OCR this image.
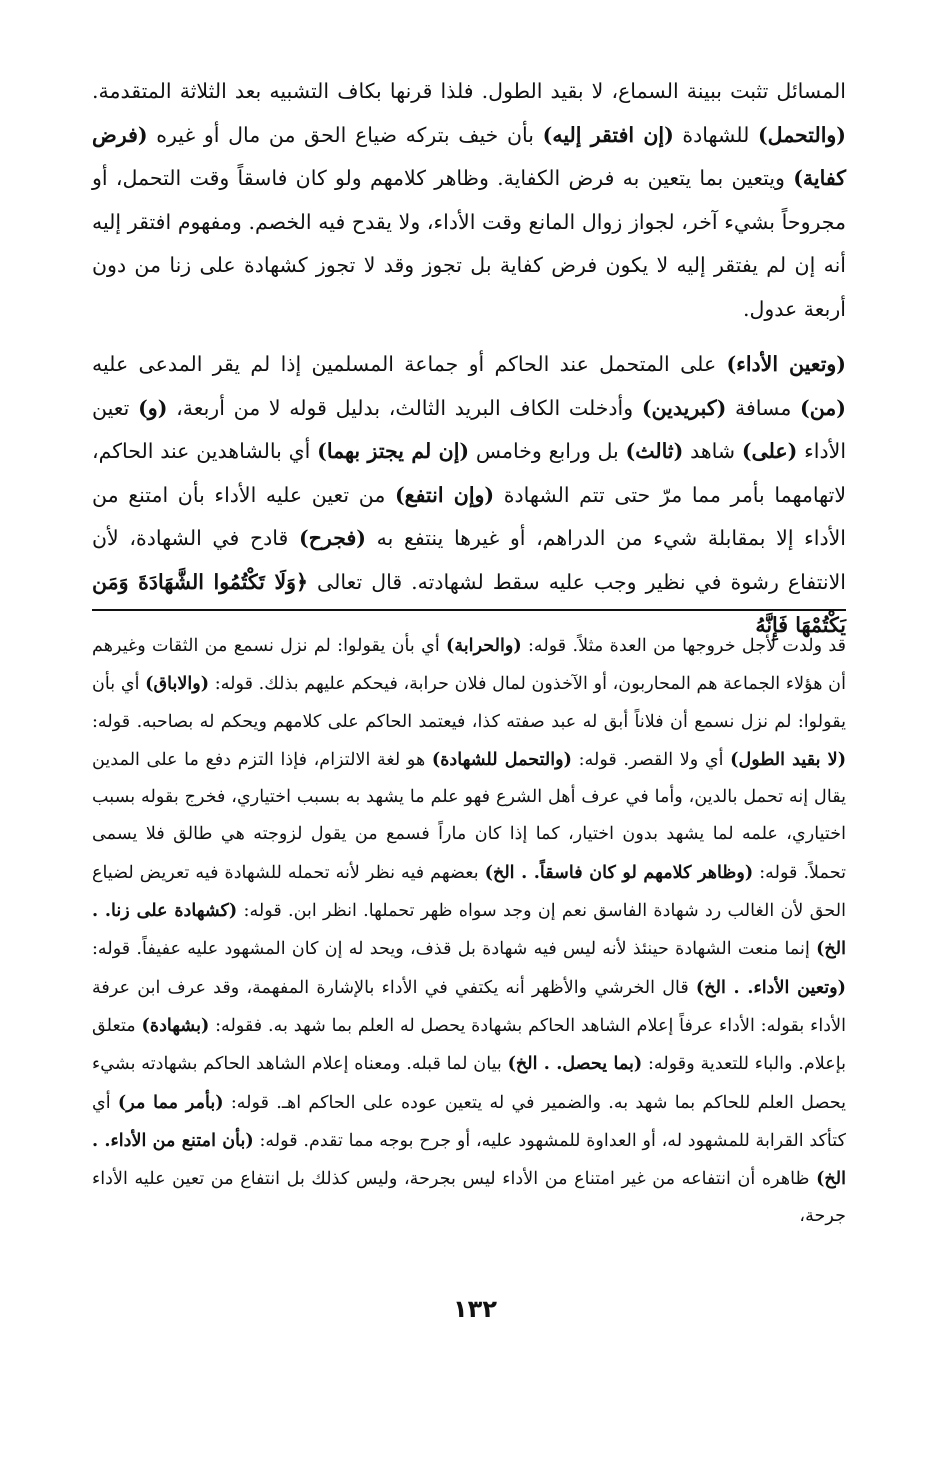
المسائل تثبت ببينة السماع، لا بقيد الطول. فلذا قرنها بكاف التشبيه بعد الثلاثة المتقدمة. (والتحمل) للشهادة (إن افتقر إليه) بأن خيف بتركه ضياع الحق من مال أو غيره (فرض كفاية) ويتعين بما يتعين به فرض الكفاية. وظاهر كلامهم ولو كان فاسقاً وقت التحمل، أو مجروحاً بشيء آخر، لجواز زوال المانع وقت الأداء، ولا يقدح فيه الخصم. ومفهوم افتقر إليه أنه إن لم يفتقر إليه لا يكون فرض كفاية بل تجوز وقد لا تجوز كشهادة على زنا من دون أربعة عدول.

(وتعين الأداء) على المتحمل عند الحاكم أو جماعة المسلمين إذا لم يقر المدعى عليه (من) مسافة (كبريدين) وأدخلت الكاف البريد الثالث، بدليل قوله لا من أربعة، (و) تعين الأداء (على) شاهد (ثالث) بل ورابع وخامس (إن لم يجتز بهما) أي بالشاهدين عند الحاكم، لاتهامهما بأمر مما مرّ حتى تتم الشهادة (وإن انتفع) من تعين عليه الأداء بأن امتنع من الأداء إلا بمقابلة شيء من الدراهم، أو غيرها ينتفع به (فجرح) قادح في الشهادة، لأن الانتفاع رشوة في نظير وجب عليه سقط لشهادته. قال تعالى ﴿وَلَا تَكْتُمُوا الشَّهَادَةَ وَمَن يَكْتُمْهَا فَإِنَّهُ

قد ولدت لأجل خروجها من العدة مثلاً. قوله: (والحرابة) أي بأن يقولوا: لم نزل نسمع من الثقات وغيرهم أن هؤلاء الجماعة هم المحاربون، أو الآخذون لمال فلان حرابة، فيحكم عليهم بذلك. قوله: (والاباق) أي بأن يقولوا: لم نزل نسمع أن فلاناً أبق له عبد صفته كذا، فيعتمد الحاكم على كلامهم ويحكم له بصاحبه. قوله: (لا بقيد الطول) أي ولا القصر. قوله: (والتحمل للشهادة) هو لغة الالتزام، فإذا التزم دفع ما على المدين يقال إنه تحمل بالدين، وأما في عرف أهل الشرع فهو علم ما يشهد به بسبب اختياري، فخرج بقوله بسبب اختياري، علمه لما يشهد بدون اختيار، كما إذا كان ماراً فسمع من يقول لزوجته هي طالق فلا يسمى تحملاً. قوله: (وظاهر كلامهم لو كان فاسقاً. . الخ) بعضهم فيه نظر لأنه تحمله للشهادة فيه تعريض لضياع الحق لأن الغالب رد شهادة الفاسق نعم إن وجد سواه ظهر تحملها. انظر ابن. قوله: (كشهادة على زنا. . الخ) إنما منعت الشهادة حينئذ لأنه ليس فيه شهادة بل قذف، ويحد له إن كان المشهود عليه عفيفاً. قوله: (وتعين الأداء. . الخ) قال الخرشي والأظهر أنه يكتفي في الأداء بالإشارة المفهمة، وقد عرف ابن عرفة الأداء بقوله: الأداء عرفاً إعلام الشاهد الحاكم بشهادة يحصل له العلم بما شهد به. فقوله: (بشهادة) متعلق بإعلام. والباء للتعدية وقوله: (بما يحصل. . الخ) بيان لما قبله. ومعناه إعلام الشاهد الحاكم بشهادته بشيء يحصل العلم للحاكم بما شهد به. والضمير في له يتعين عوده على الحاكم اهـ. قوله: (بأمر مما مر) أي كتأكد القرابة للمشهود له، أو العداوة للمشهود عليه، أو جرح بوجه مما تقدم. قوله: (بأن امتنع من الأداء. . الخ) ظاهره أن انتفاعه من غير امتناع من الأداء ليس بجرحة، وليس كذلك بل انتفاع من تعين عليه الأداء جرحة،

١٣٢
